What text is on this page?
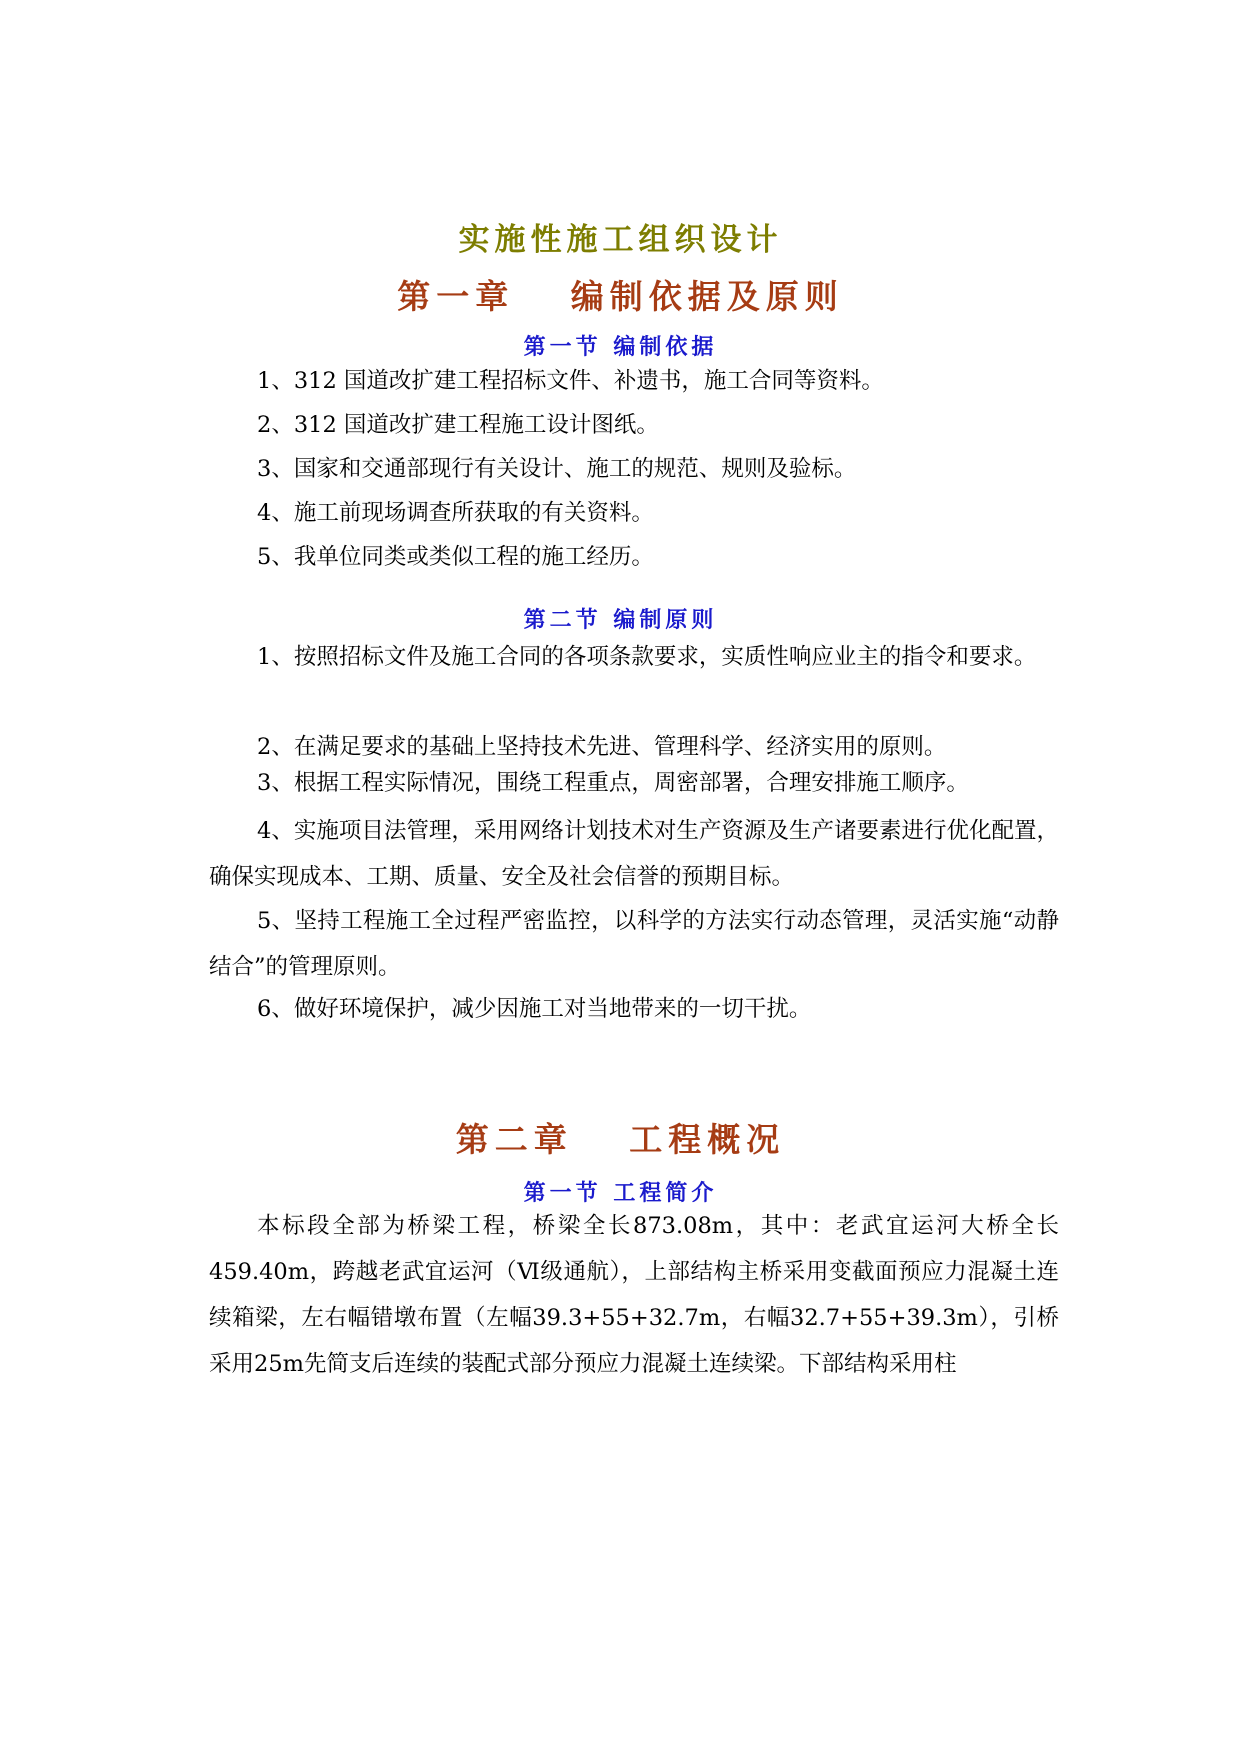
实施性施工组织设计
第一章　 编制依据及原则
第一节 编制依据
1、312 国道改扩建工程招标文件、补遗书，施工合同等资料。
2、312 国道改扩建工程施工设计图纸。
3、国家和交通部现行有关设计、施工的规范、规则及验标。
4、施工前现场调查所获取的有关资料。
5、我单位同类或类似工程的施工经历。
第二节 编制原则
1、按照招标文件及施工合同的各项条款要求，实质性响应业主的指令和要求。
2、在满足要求的基础上坚持技术先进、管理科学、经济实用的原则。
3、根据工程实际情况，围绕工程重点，周密部署，合理安排施工顺序。
4、实施项目法管理，采用网络计划技术对生产资源及生产诸要素进行优化配置，确保实现成本、工期、质量、安全及社会信誉的预期目标。
5、坚持工程施工全过程严密监控，以科学的方法实行动态管理，灵活实施“动静结合”的管理原则。
6、做好环境保护，减少因施工对当地带来的一切干扰。
第二章　 工程概况
第一节 工程简介
本标段全部为桥梁工程，桥梁全长873.08m，其中：老武宜运河大桥全长459.40m，跨越老武宜运河（Ⅵ级通航），上部结构主桥采用变截面预应力混凝土连续箱梁，左右幅错墩布置（左幅39.3+55+32.7m，右幅32.7+55+39.3m），引桥采用25m先简支后连续的装配式部分预应力混凝土连续梁。下部结构采用柱
